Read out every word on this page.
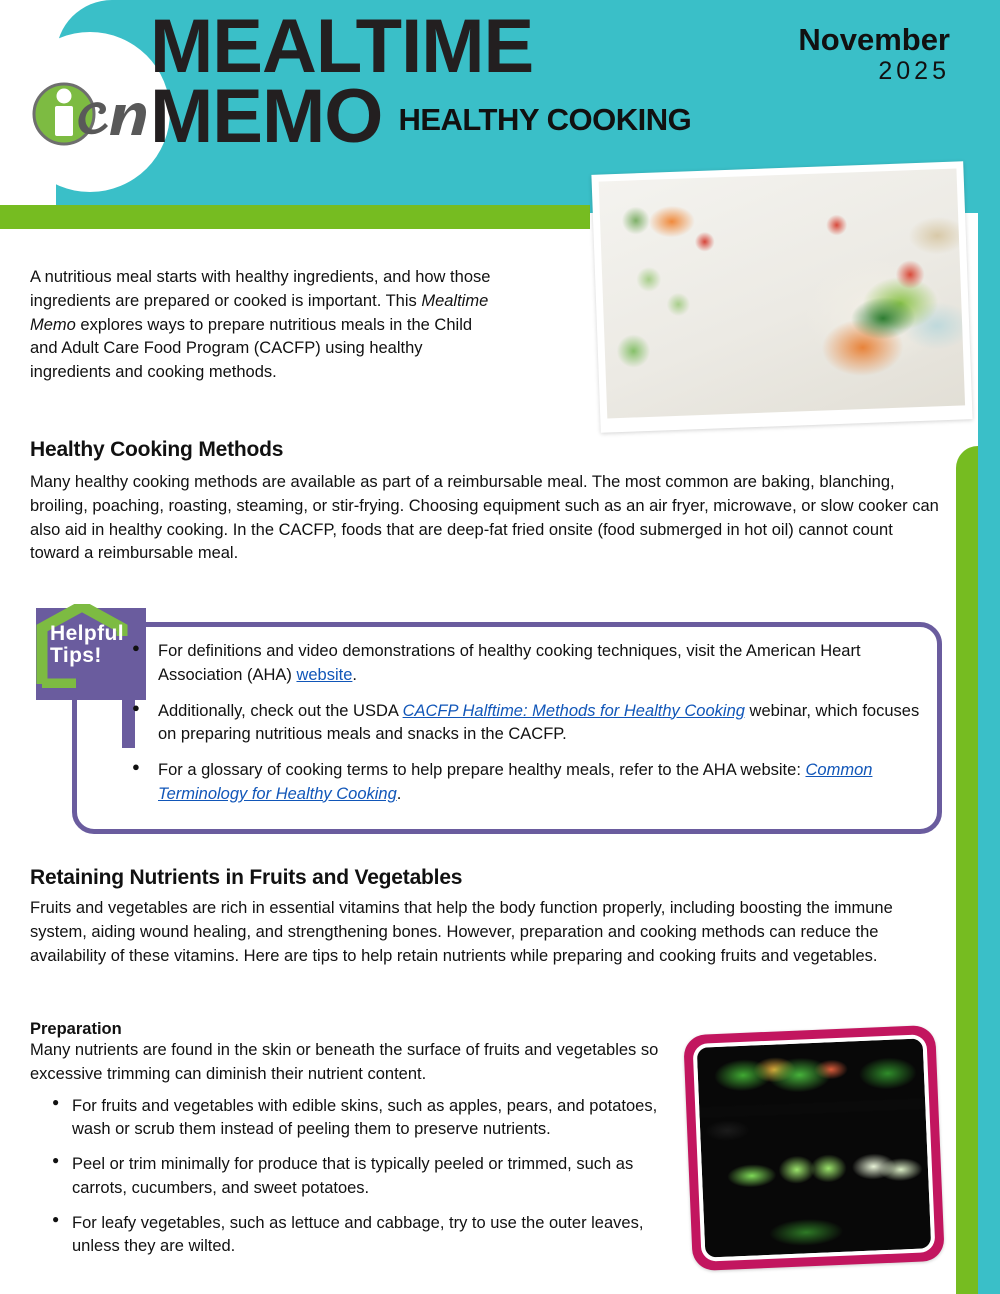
MEALTIME
MEMO HEALTHY COOKING
November
2025

A nutritious meal starts with healthy ingredients, and how those ingredients are prepared or cooked is important. This Mealtime Memo explores ways to prepare nutritious meals in the Child and Adult Care Food Program (CACFP) using healthy ingredients and cooking methods.

Healthy Cooking Methods

Many healthy cooking methods are available as part of a reimbursable meal. The most common are baking, blanching, broiling, poaching, roasting, steaming, or stir-frying. Choosing equipment such as an air fryer, microwave, or slow cooker can also aid in healthy cooking. In the CACFP, foods that are deep-fat fried onsite (food submerged in hot oil) cannot count toward a reimbursable meal.

Helpful
Tips!	● For definitions and video demonstrations of healthy cooking techniques, visit the American Heart Association (AHA) website.
● Additionally, check out the USDA CACFP Halftime: Methods for Healthy Cooking webinar, which focuses on preparing nutritious meals and snacks in the CACFP.
● For a glossary of cooking terms to help prepare healthy meals, refer to the AHA website: Common Terminology for Healthy Cooking.
Retaining Nutrients in Fruits and Vegetables

Fruits and vegetables are rich in essential vitamins that help the body function properly, including boosting the immune system, aiding wound healing, and strengthening bones. However, preparation and cooking methods can reduce the availability of these vitamins. Here are tips to help retain nutrients while preparing and cooking fruits and vegetables.

Preparation

Many nutrients are found in the skin or beneath the surface of fruits and vegetables so excessive trimming can diminish their nutrient content.

● For fruits and vegetables with edible skins, such as apples, pears, and potatoes, wash or scrub them instead of peeling them to preserve nutrients.
● Peel or trim minimally for produce that is typically peeled or trimmed, such as carrots, cucumbers, and sweet potatoes.
● For leafy vegetables, such as lettuce and cabbage, try to use the outer leaves, unless they are wilted.
